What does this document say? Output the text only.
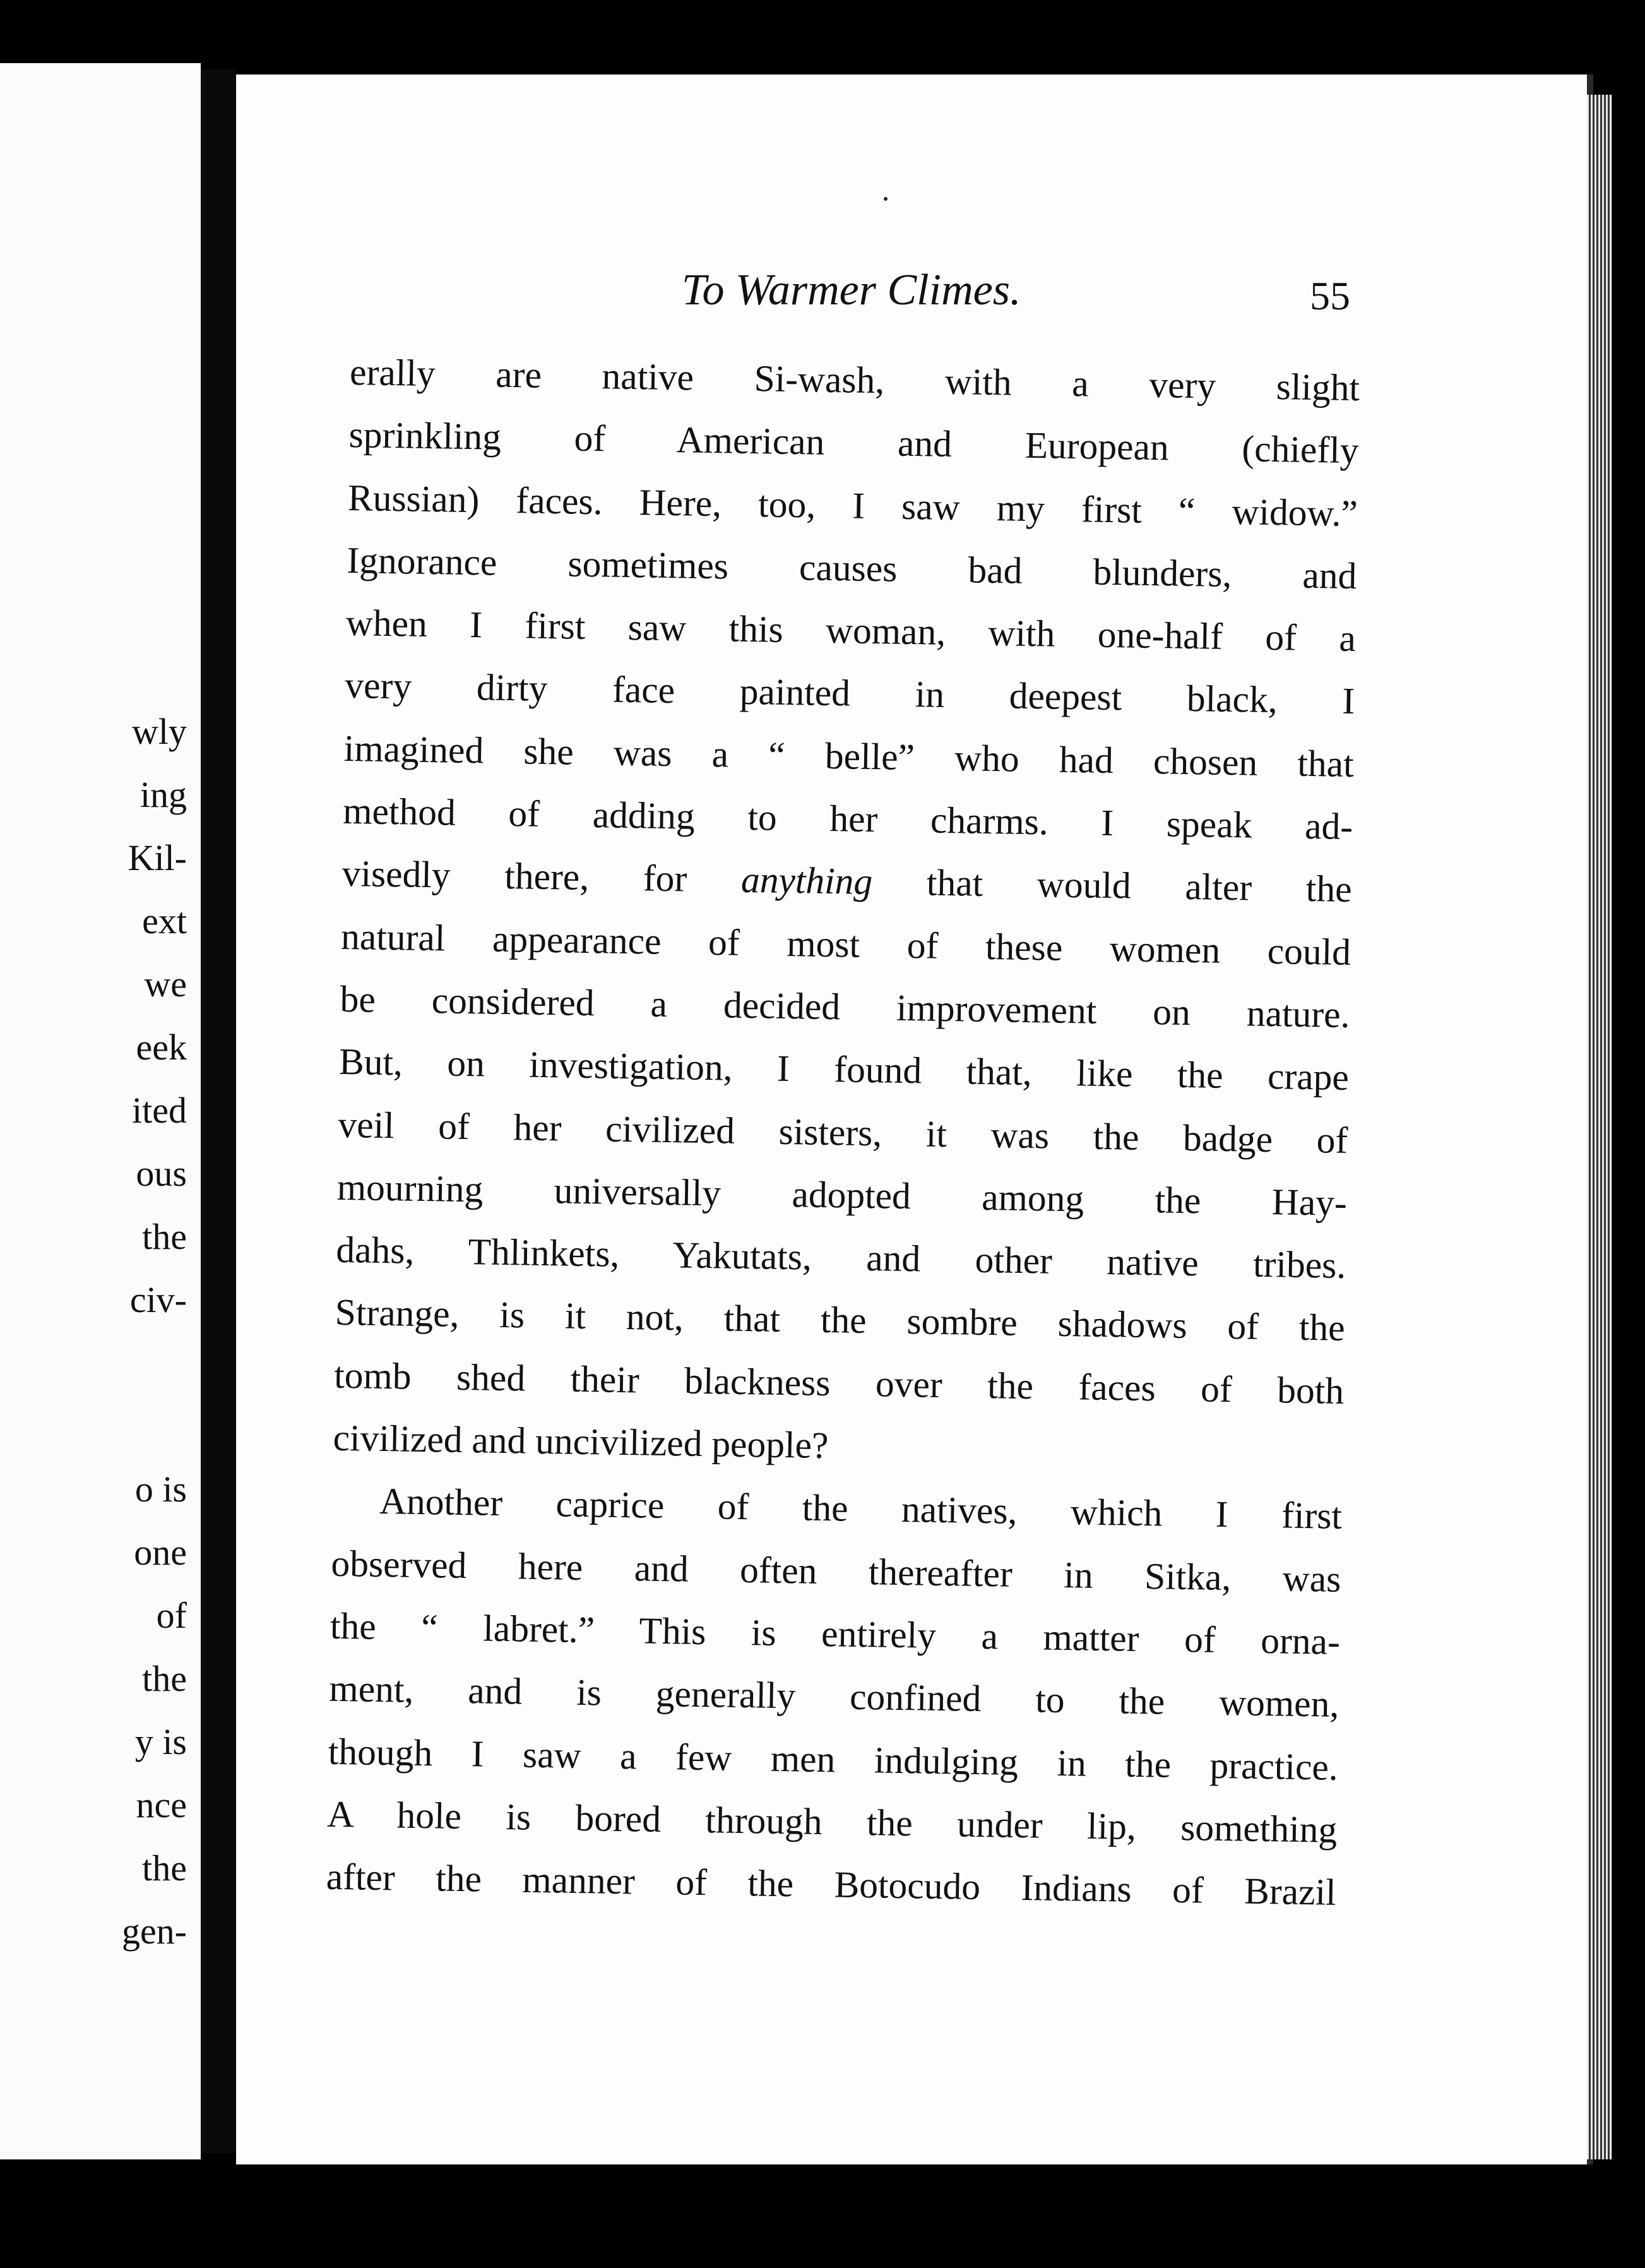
wly
ing
Kil-
ext
we
eek
ited
ous
the
civ-
o is
one
of
the
y is
nce
the
gen-
To Warmer Climes.	55
erally are native Si-wash, with a very slight
sprinkling of American and European (chiefly
Russian) faces. Here, too, I saw my first “ widow.”
Ignorance sometimes causes bad blunders, and
when I first saw this woman, with one-half of a
very dirty face painted in deepest black, I
imagined she was a “ belle” who had chosen that
method of adding to her charms. I speak ad-
visedly there, for anything that would alter the
natural appearance of most of these women could
be considered a decided improvement on nature.
But, on investigation, I found that, like the crape
veil of her civilized sisters, it was the badge of
mourning universally adopted among the Hay-
dahs, Thlinkets, Yakutats, and other native tribes.
Strange, is it not, that the sombre shadows of the
tomb shed their blackness over the faces of both
civilized and uncivilized people?
Another caprice of the natives, which I first
observed here and often thereafter in Sitka, was
the “ labret.” This is entirely a matter of orna-
ment, and is generally confined to the women,
though I saw a few men indulging in the practice.
A hole is bored through the under lip, something
after the manner of the Botocudo Indians of Brazil
